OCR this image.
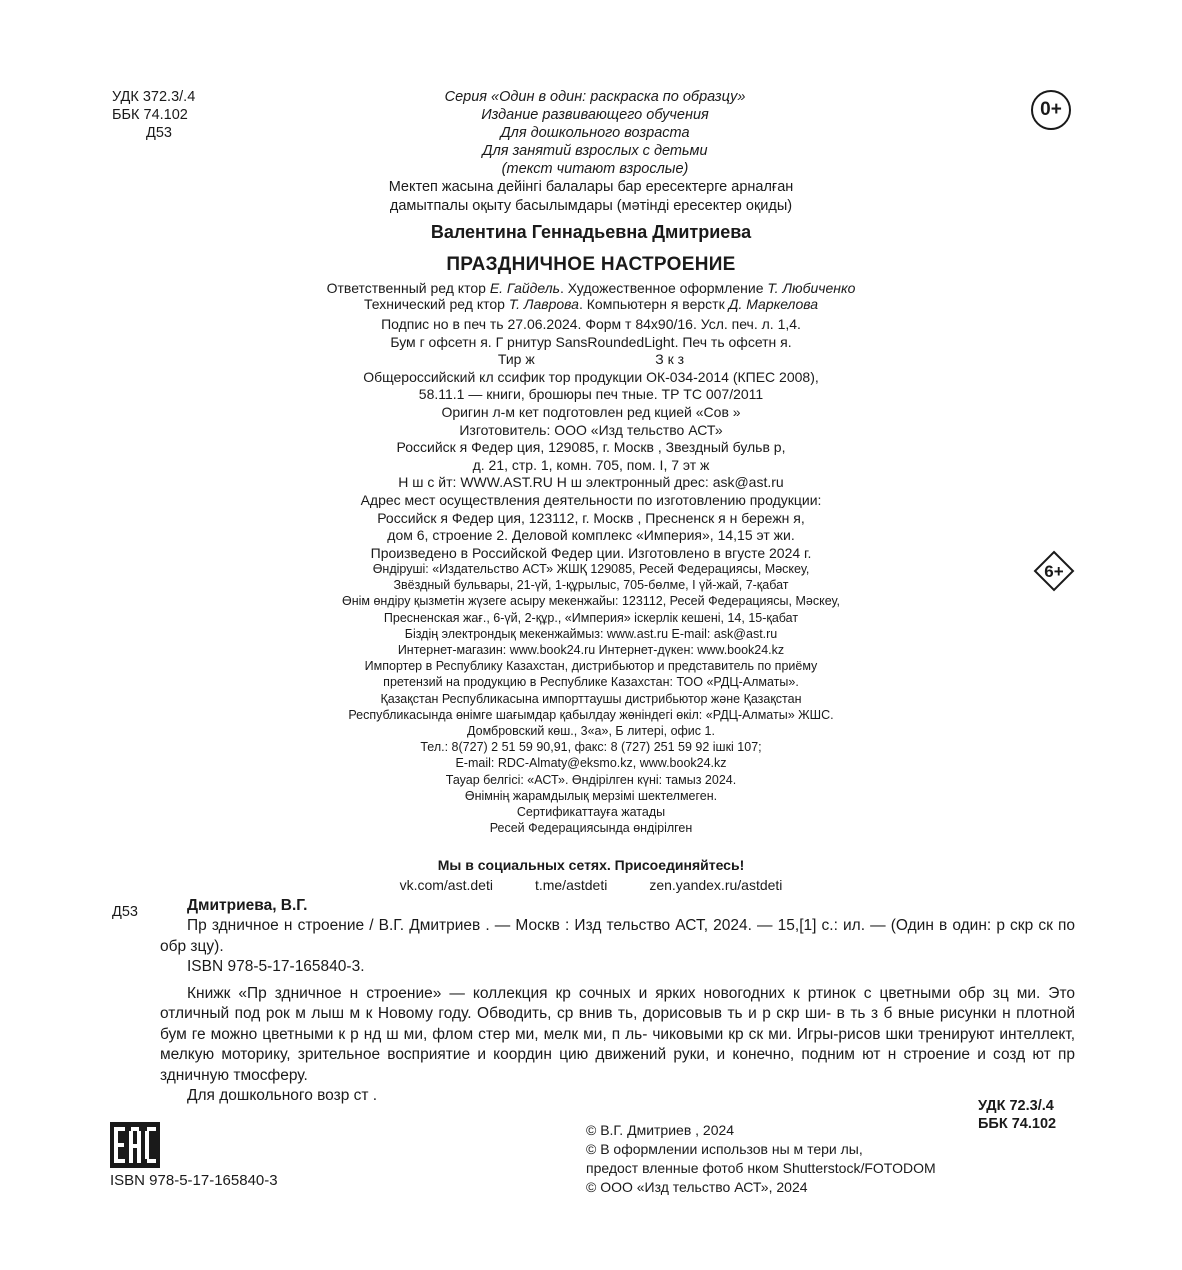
УДК 372.3/.4
ББК 74.102
Д53
Серия «Один в один: раскраска по образцу»
Издание развивающего обучения
Для дошкольного возраста
Для занятий взрослых с детьми
(текст читают взрослые)
Мектеп жасына дейінгі балалары бар ересектерге арналған
дамытпалы оқыту басылымдары (мәтінді ересектер оқиды)
Валентина Геннадьевна Дмитриева
ПРАЗДНИЧНОЕ НАСТРОЕНИЕ
Ответственный ред ктор Е. Гайдель. Художественное оформление Т. Любиченко
Технический ред ктор Т. Лаврова. Компьютерн я верстк Д. Маркелова
Подпис но в печ ть 27.06.2024. Форм т 84x90/16. Усл. печ. л. 1,4.
Бум г офсетн я. Г рнитур SansRoundedLight. Печ ть офсетн я.
Тир ж                               З к з
Общероссийский кл ссифик тор продукции ОК-034-2014 (КПЕС 2008),
58.11.1 — книги, брошюры печ тные. ТР ТС 007/2011
Оригин л-м кет подготовлен ред кцией «Сов »
Изготовитель: ООО «Изд тельство АСТ»
Российск я Федер ция, 129085, г. Москв , Звездный бульв р,
д. 21, стр. 1, комн. 705, пом. I, 7 эт ж
Н ш с йт: WWW.AST.RU Н ш электронный дрес: ask@ast.ru
Адрес мест осуществления деятельности по изготовлению продукции:
Российск я Федер ция, 123112, г. Москв , Пресненск я н бережн я,
дом 6, строение 2. Деловой комплекс «Империя», 14,15 эт жи.
Произведено в Российской Федер ции. Изготовлено в вгусте 2024 г.
Өндіруші: «Издательство АСТ» ЖШҚ 129085, Ресей Федерациясы, Мәскеу,
Звёздный бульвары, 21-үй, 1-құрылыс, 705-бөлме, I үй-жай, 7-қабат
Өнім өндіру қызметін жүзеге асыру мекенжайы: 123112, Ресей Федерациясы, Мәскеу,
Пресненская жағ., 6-үй, 2-құр., «Империя» іскерлік кешені, 14, 15-қабат
Біздің электрондық мекенжаймыз: www.ast.ru E-mail: ask@ast.ru
Интернет-магазин: www.book24.ru Интернет-дүкен: www.book24.kz
Импортер в Республику Казахстан, дистрибьютор и представитель по приёму
претензий на продукцию в Республике Казахстан: ТОО «РДЦ-Алматы».
Қазақстан Республикасына импорттаушы дистрибьютор және Қазақстан
Республикасында өнімге шағымдар қабылдау жөніндегі өкіл: «РДЦ-Алматы» ЖШС.
Домбровский көш., 3«а», Б литері, офис 1.
Тел.: 8(727) 2 51 59 90,91, факс: 8 (727) 251 59 92 ішкі 107;
E-mail: RDC-Almaty@eksmo.kz, www.book24.kz
Тауар белгісі: «АСТ». Өндірілген күні: тамыз 2024.
Өнімнің жарамдылық мерзімі шектелмеген.
Сертификаттауға жатады
Ресей Федерациясында өндірілген
Мы в социальных сетях. Присоединяйтесь!
vk.com/ast.deti	t.me/astdeti	zen.yandex.ru/astdeti
0+
6+
Д53	Дмитриева, В.Г.

Пр здничное н строение / В.Г. Дмитриев . — Москв : Изд тельство АСТ, 2024. — 15,[1] с.: ил. — (Один в один: р скр ск по обр зцу).

ISBN 978-5-17-165840-3.

Книжк «Пр здничное н строение» — коллекция кр сочных и ярких новогодних к ртинок с цветными обр зц ми. Это отличный под рок м лыш м к Новому году. Обводить, ср внив ть, дорисовыв ть и р скр ши- в ть з б вные рисунки н плотной бум ге можно цветными к р нд ш ми, флом стер ми, мелк ми, п ль- чиковыми кр ск ми. Игры-рисов шки тренируют интеллект, мелкую моторику, зрительное восприятие и координ цию движений руки, и конечно, подним ют н строение и созд ют пр здничную тмосферу.

Для дошкольного возр ст .

УДК 72.3/.4
ББК 74.102
ISBN 978-5-17-165840-3
© В.Г. Дмитриев , 2024
© В оформлении использов ны м тери лы,
предост вленные фотоб нком Shutterstock/FOTODOM
© ООО «Изд тельство АСТ», 2024
